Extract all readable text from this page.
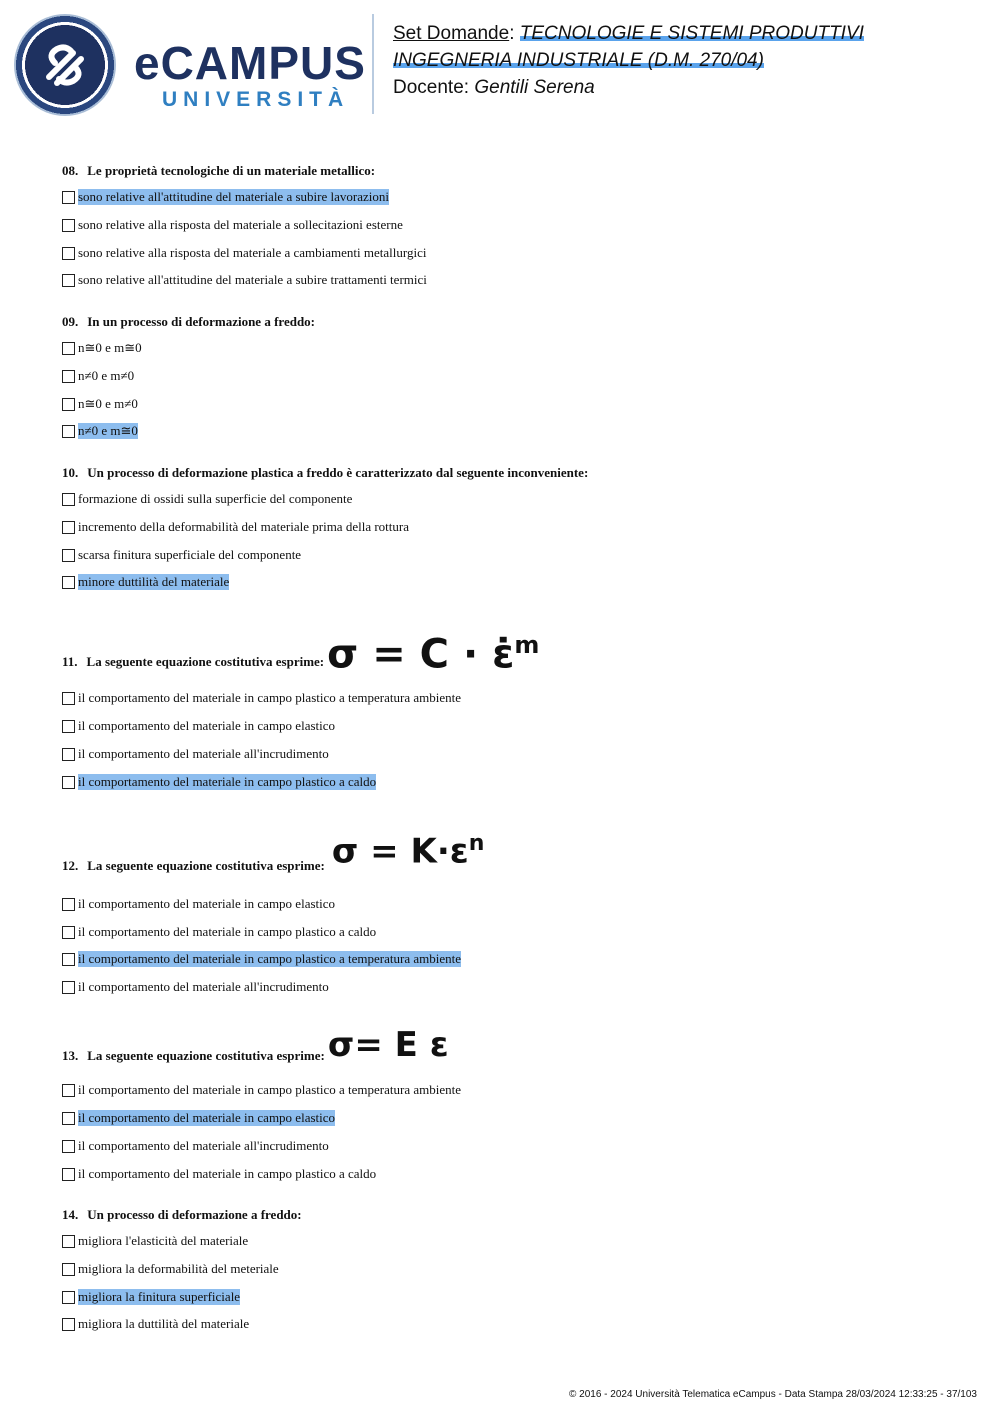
eCAMPUS
UNIVERSITÀ
Set Domande: TECNOLOGIE E SISTEMI PRODUTTIVI
INGEGNERIA INDUSTRIALE (D.M. 270/04)
Docente: Gentili Serena
08. Le proprietà tecnologiche di un materiale metallico:
sono relative all'attitudine del materiale a subire lavorazioni
sono relative alla risposta del materiale a sollecitazioni esterne
sono relative alla risposta del materiale a cambiamenti metallurgici
sono relative all'attitudine del materiale a subire trattamenti termici
09. In un processo di deformazione a freddo:
n≅0 e m≅0
n≠0 e m≠0
n≅0 e m≠0
n≠0 e m≅0
10. Un processo di deformazione plastica a freddo è caratterizzato dal seguente inconveniente:
formazione di ossidi sulla superficie del componente
incremento della deformabilità del materiale prima della rottura
scarsa finitura superficiale del componente
minore duttilità del materiale
11. La seguente equazione costitutiva esprime: σ = C · ε̇$^m$
il comportamento del materiale in campo plastico a temperatura ambiente
il comportamento del materiale in campo elastico
il comportamento del materiale all'incrudimento
il comportamento del materiale in campo plastico a caldo
12. La seguente equazione costitutiva esprime: $\sigma = K\cdot\varepsilon^n$
il comportamento del materiale in campo elastico
il comportamento del materiale in campo plastico a caldo
il comportamento del materiale in campo plastico a temperatura ambiente
il comportamento del materiale all'incrudimento
13. La seguente equazione costitutiva esprime: σ= E ε
il comportamento del materiale in campo plastico a temperatura ambiente
il comportamento del materiale in campo elastico
il comportamento del materiale all'incrudimento
il comportamento del materiale in campo plastico a caldo
14. Un processo di deformazione a freddo:
migliora l'elasticità del materiale
migliora la deformabilità del meteriale
migliora la finitura superficiale
migliora la duttilità del materiale
© 2016 - 2024 Università Telematica eCampus - Data Stampa 28/03/2024 12:33:25 - 37/103
